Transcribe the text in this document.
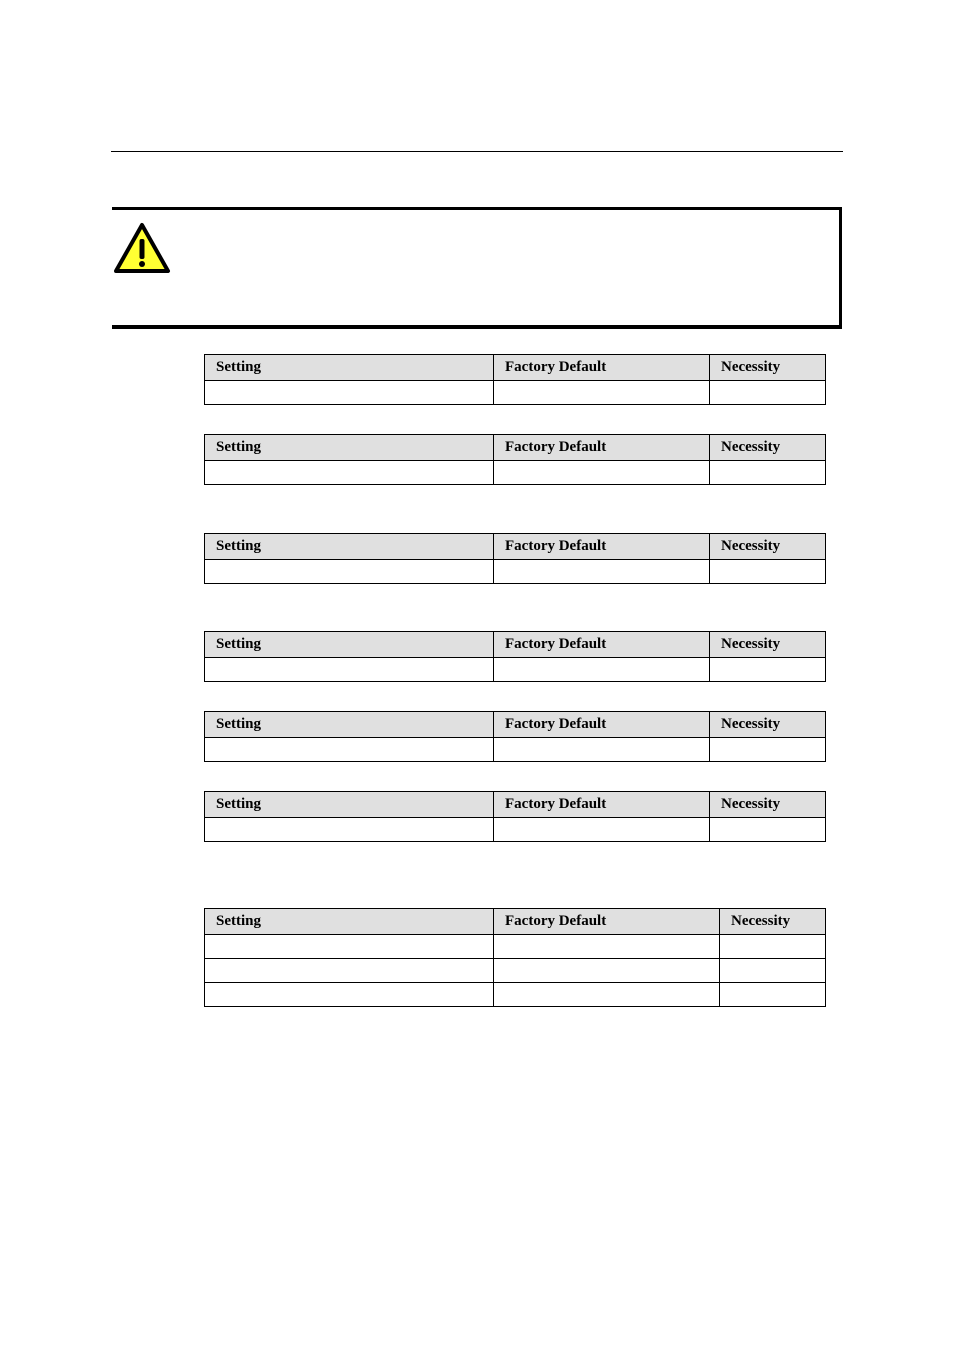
Setting	Factory Default	Necessity

Setting	Factory Default	Necessity

Setting	Factory Default	Necessity

Setting	Factory Default	Necessity

Setting	Factory Default	Necessity

Setting	Factory Default	Necessity

Setting	Factory Default	Necessity
